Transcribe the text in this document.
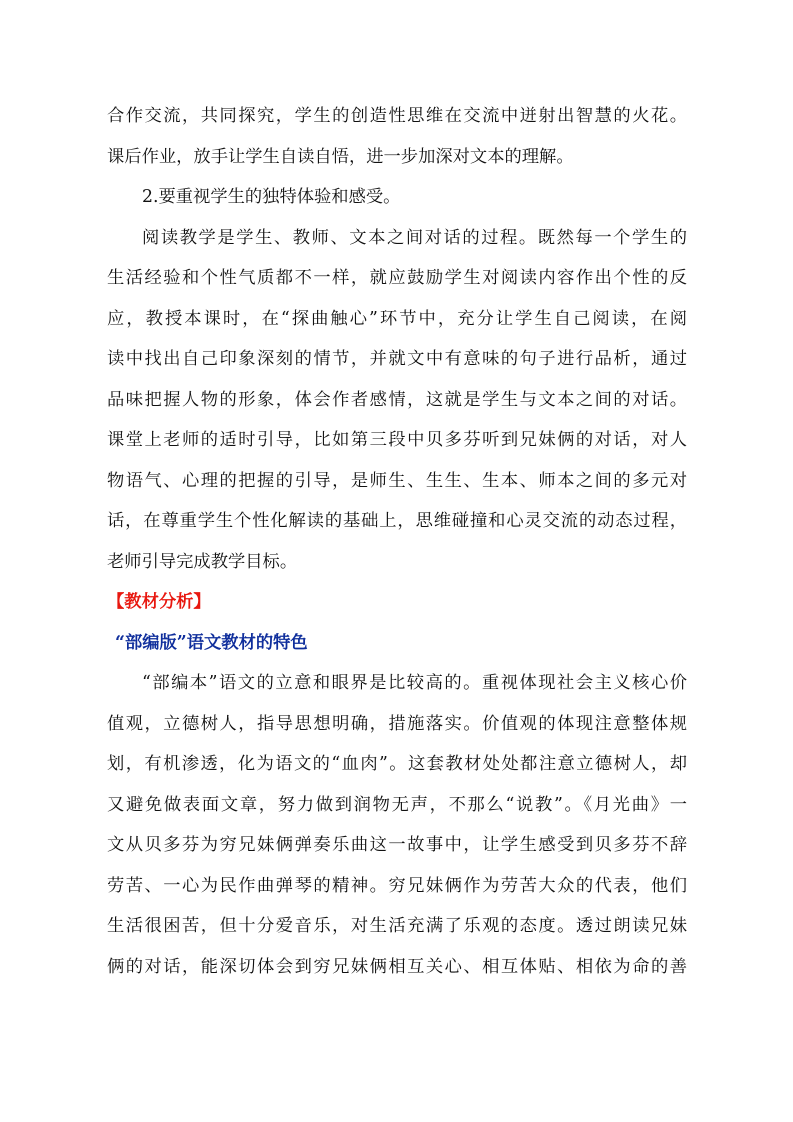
合作交流，共同探究，学生的创造性思维在交流中迸射出智慧的火花。
课后作业，放手让学生自读自悟，进一步加深对文本的理解。
2.要重视学生的独特体验和感受。
阅读教学是学生、教师、文本之间对话的过程。既然每一个学生的
生活经验和个性气质都不一样，就应鼓励学生对阅读内容作出个性的反
应，教授本课时，在“探曲触心”环节中，充分让学生自己阅读，在阅
读中找出自己印象深刻的情节，并就文中有意味的句子进行品析，通过
品味把握人物的形象，体会作者感情，这就是学生与文本之间的对话。
课堂上老师的适时引导，比如第三段中贝多芬听到兄妹俩的对话，对人
物语气、心理的把握的引导，是师生、生生、生本、师本之间的多元对
话，在尊重学生个性化解读的基础上，思维碰撞和心灵交流的动态过程，
老师引导完成教学目标。
【教材分析】
“部编版”语文教材的特色
“部编本”语文的立意和眼界是比较高的。重视体现社会主义核心价
值观，立德树人，指导思想明确，措施落实。价值观的体现注意整体规
划，有机渗透，化为语文的“血肉”。这套教材处处都注意立德树人，却
又避免做表面文章，努力做到润物无声，不那么“说教”。《月光曲》一
文从贝多芬为穷兄妹俩弹奏乐曲这一故事中，让学生感受到贝多芬不辞
劳苦、一心为民作曲弹琴的精神。穷兄妹俩作为劳苦大众的代表，他们
生活很困苦，但十分爱音乐，对生活充满了乐观的态度。透过朗读兄妹
俩的对话，能深切体会到穷兄妹俩相互关心、相互体贴、相依为命的善
